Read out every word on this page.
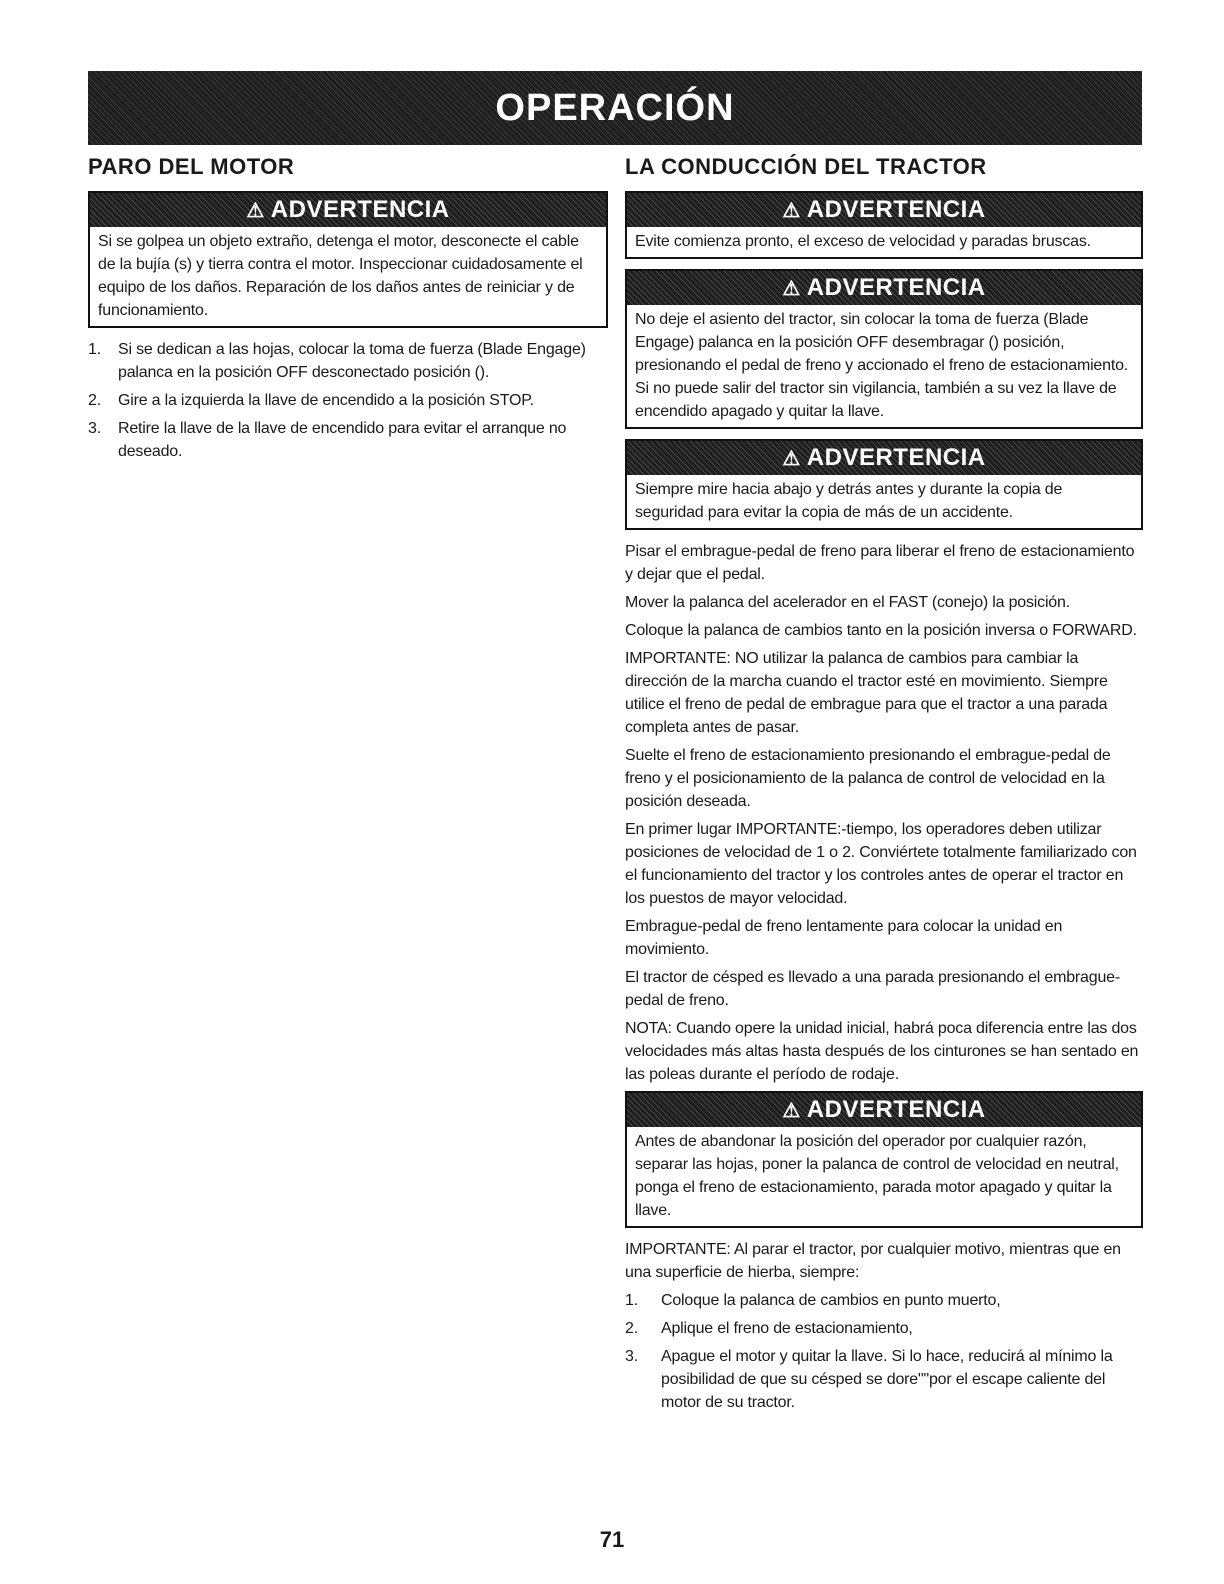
OPERACIÓN
PARO DEL MOTOR
⚠ ADVERTENCIA
Si se golpea un objeto extraño, detenga el motor, desconecte el cable de la bujía (s) y tierra contra el motor. Inspeccionar cuidadosamente el equipo de los daños. Reparación de los daños antes de reiniciar y de funcionamiento.
1. Si se dedican a las hojas, colocar la toma de fuerza (Blade Engage) palanca en la posición OFF desconectado posición ().
2. Gire a la izquierda la llave de encendido a la posición STOP.
3. Retire la llave de la llave de encendido para evitar el arranque no deseado.
LA CONDUCCIÓN DEL TRACTOR
⚠ ADVERTENCIA
Evite comienza pronto, el exceso de velocidad y paradas bruscas.
⚠ ADVERTENCIA
No deje el asiento del tractor, sin colocar la toma de fuerza (Blade Engage) palanca en la posición OFF desembragar () posición, presionando el pedal de freno y accionado el freno de estacionamiento. Si no puede salir del tractor sin vigilancia, también a su vez la llave de encendido apagado y quitar la llave.
⚠ ADVERTENCIA
Siempre mire hacia abajo y detrás antes y durante la copia de seguridad para evitar la copia de más de un accidente.

Pisar el embrague-pedal de freno para liberar el freno de estacionamiento y dejar que el pedal.

Mover la palanca del acelerador en el FAST (conejo) la posición.

Coloque la palanca de cambios tanto en la posición inversa o FORWARD.

IMPORTANTE: NO utilizar la palanca de cambios para cambiar la dirección de la marcha cuando el tractor esté en movimiento. Siempre utilice el freno de pedal de embrague para que el tractor a una parada completa antes de pasar.

Suelte el freno de estacionamiento presionando el embrague-pedal de freno y el posicionamiento de la palanca de control de velocidad en la posición deseada.

En primer lugar IMPORTANTE:-tiempo, los operadores deben utilizar posiciones de velocidad de 1 o 2. Conviértete totalmente familiarizado con el funcionamiento del tractor y los controles antes de operar el tractor en los puestos de mayor velocidad.

Embrague-pedal de freno lentamente para colocar la unidad en movimiento.

El tractor de césped es llevado a una parada presionando el embrague-pedal de freno.

NOTA: Cuando opere la unidad inicial, habrá poca diferencia entre las dos velocidades más altas hasta después de los cinturones se han sentado en las poleas durante el período de rodaje.

⚠ ADVERTENCIA
Antes de abandonar la posición del operador por cualquier razón, separar las hojas, poner la palanca de control de velocidad en neutral, ponga el freno de estacionamiento, parada motor apagado y quitar la llave.

IMPORTANTE: Al parar el tractor, por cualquier motivo, mientras que en una superficie de hierba, siempre:

1. Coloque la palanca de cambios en punto muerto,
2. Aplique el freno de estacionamiento,
3. Apague el motor y quitar la llave. Si lo hace, reducirá al mínimo la posibilidad de que su césped se dore""por el escape caliente del motor de su tractor.
71
